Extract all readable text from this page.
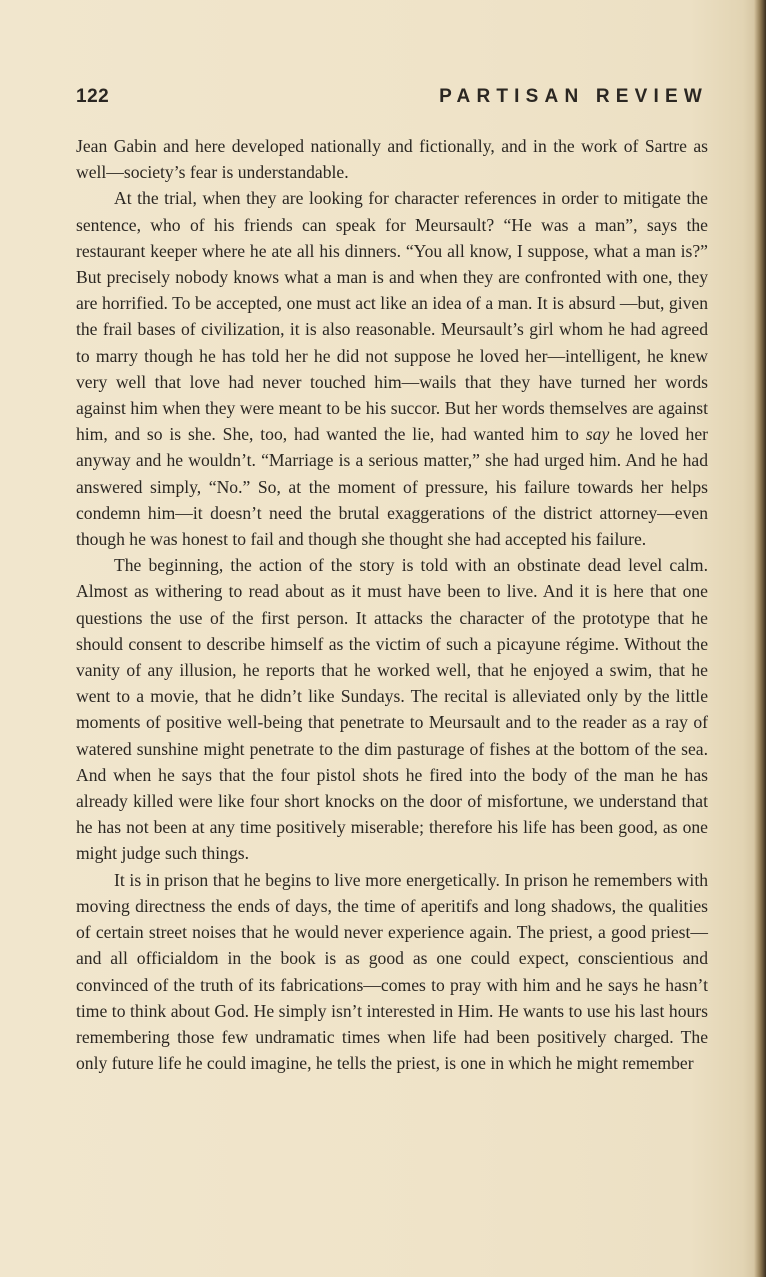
122	PARTISAN REVIEW

Jean Gabin and here developed nationally and fictionally, and in the work of Sartre as well—society’s fear is understandable.

At the trial, when they are looking for character references in order to mitigate the sentence, who of his friends can speak for Meursault? “He was a man”, says the restaurant keeper where he ate all his dinners. “You all know, I suppose, what a man is?” But precisely nobody knows what a man is and when they are confronted with one, they are horrified. To be accepted, one must act like an idea of a man. It is absurd —but, given the frail bases of civilization, it is also reasonable. Meursault’s girl whom he had agreed to marry though he has told her he did not suppose he loved her—intelligent, he knew very well that love had never touched him—wails that they have turned her words against him when they were meant to be his succor. But her words themselves are against him, and so is she. She, too, had wanted the lie, had wanted him to say he loved her anyway and he wouldn’t. “Marriage is a serious matter,” she had urged him. And he had answered simply, “No.” So, at the moment of pressure, his failure towards her helps condemn him—it doesn’t need the brutal exaggerations of the district attorney—even though he was honest to fail and though she thought she had accepted his failure.

The beginning, the action of the story is told with an obstinate dead level calm. Almost as withering to read about as it must have been to live. And it is here that one questions the use of the first person. It attacks the character of the prototype that he should consent to describe himself as the victim of such a picayune régime. Without the vanity of any illusion, he reports that he worked well, that he enjoyed a swim, that he went to a movie, that he didn’t like Sundays. The recital is alleviated only by the little moments of positive well-being that penetrate to Meursault and to the reader as a ray of watered sunshine might penetrate to the dim pasturage of fishes at the bottom of the sea. And when he says that the four pistol shots he fired into the body of the man he has already killed were like four short knocks on the door of misfortune, we understand that he has not been at any time positively miserable; therefore his life has been good, as one might judge such things.

It is in prison that he begins to live more energetically. In prison he remembers with moving directness the ends of days, the time of aperitifs and long shadows, the qualities of certain street noises that he would never experience again. The priest, a good priest—and all officialdom in the book is as good as one could expect, conscientious and convinced of the truth of its fabrications—comes to pray with him and he says he hasn’t time to think about God. He simply isn’t interested in Him. He wants to use his last hours remembering those few undramatic times when life had been positively charged. The only future life he could imagine, he tells the priest, is one in which he might remember
